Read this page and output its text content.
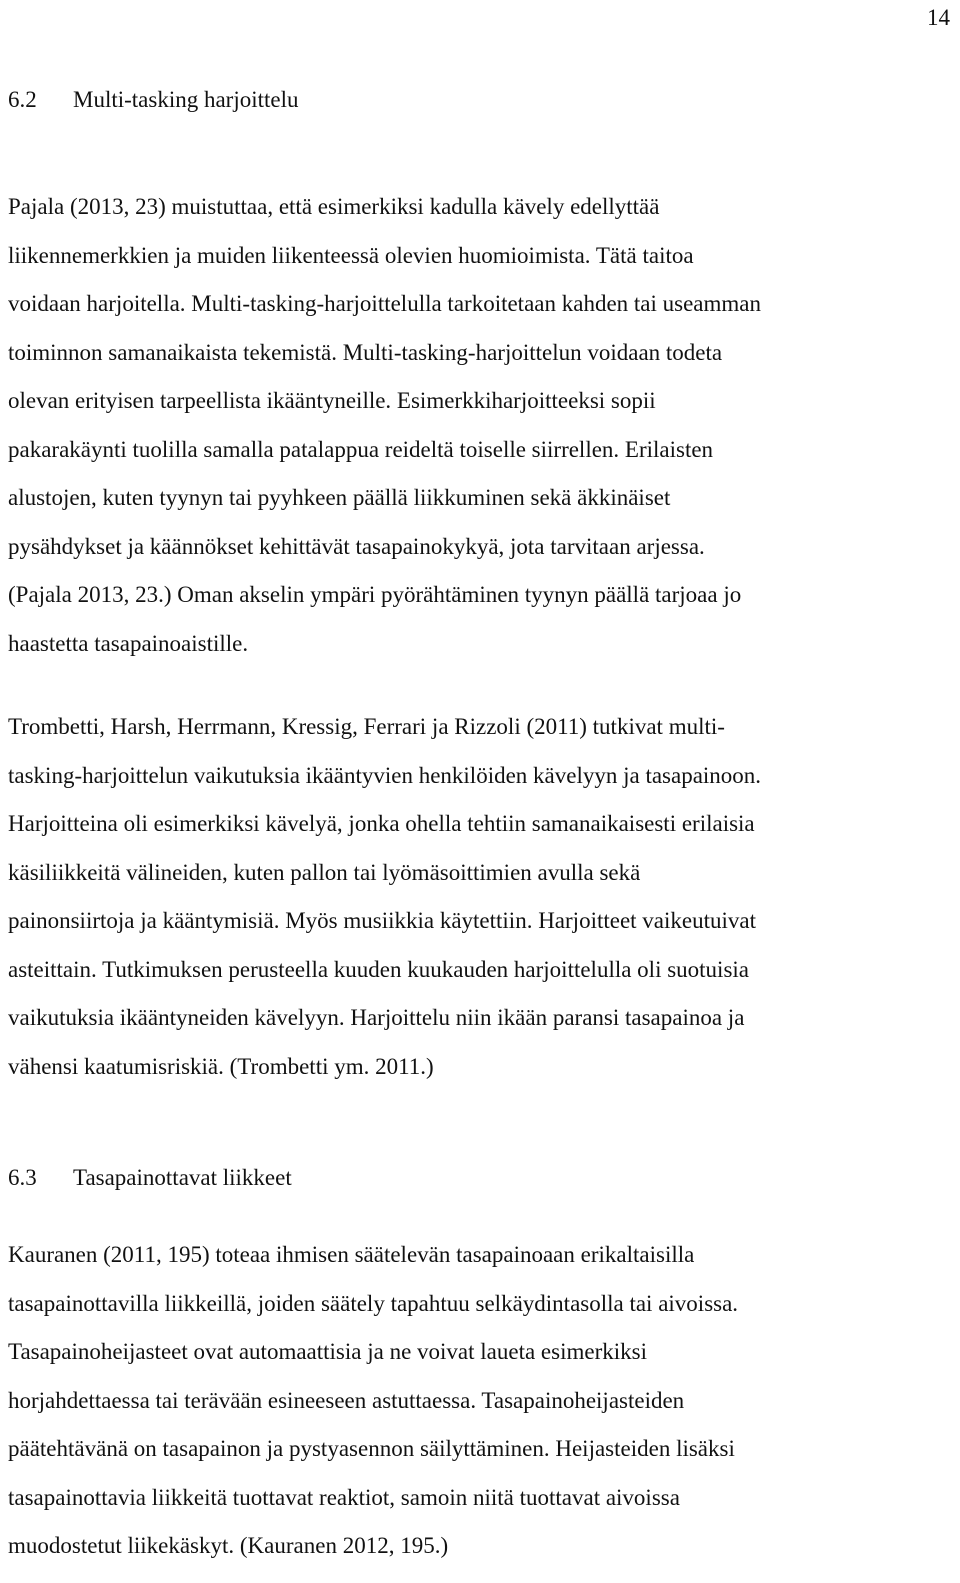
14
6.2 Multi-tasking harjoittelu
Pajala (2013, 23) muistuttaa, että esimerkiksi kadulla kävely edellyttää
liikennemerkkien ja muiden liikenteessä olevien huomioimista. Tätä taitoa
voidaan harjoitella. Multi-tasking-harjoittelulla tarkoitetaan kahden tai useamman
toiminnon samanaikaista tekemistä. Multi-tasking-harjoittelun voidaan todeta
olevan erityisen tarpeellista ikääntyneille. Esimerkkiharjoitteeksi sopii
pakarakäynti tuolilla samalla patalappua reideltä toiselle siirrellen. Erilaisten
alustojen, kuten tyynyn tai pyyhkeen päällä liikkuminen sekä äkkinäiset
pysähdykset ja käännökset kehittävät tasapainokykyä, jota tarvitaan arjessa.
(Pajala 2013, 23.) Oman akselin ympäri pyörähtäminen tyynyn päällä tarjoaa jo
haastetta tasapainoaistille.
Trombetti, Harsh, Herrmann, Kressig, Ferrari ja Rizzoli (2011) tutkivat multi-
tasking-harjoittelun vaikutuksia ikääntyvien henkilöiden kävelyyn ja tasapainoon.
Harjoitteina oli esimerkiksi kävelyä, jonka ohella tehtiin samanaikaisesti erilaisia
käsiliikkeitä välineiden, kuten pallon tai lyömäsoittimien avulla sekä
painonsiirtoja ja kääntymisiä. Myös musiikkia käytettiin. Harjoitteet vaikeutuivat
asteittain. Tutkimuksen perusteella kuuden kuukauden harjoittelulla oli suotuisia
vaikutuksia ikääntyneiden kävelyyn. Harjoittelu niin ikään paransi tasapainoa ja
vähensi kaatumisriskiä. (Trombetti ym. 2011.)
6.3 Tasapainottavat liikkeet
Kauranen (2011, 195) toteaa ihmisen säätelevän tasapainoaan erikaltaisilla
tasapainottavilla liikkeillä, joiden säätely tapahtuu selkäydintasolla tai aivoissa.
Tasapainoheijasteet ovat automaattisia ja ne voivat laueta esimerkiksi
horjahdettaessa tai terävään esineeseen astuttaessa. Tasapainoheijasteiden
päätehtävänä on tasapainon ja pystyasennon säilyttäminen. Heijasteiden lisäksi
tasapainottavia liikkeitä tuottavat reaktiot, samoin niitä tuottavat aivoissa
muodostetut liikekäskyt. (Kauranen 2012, 195.)
